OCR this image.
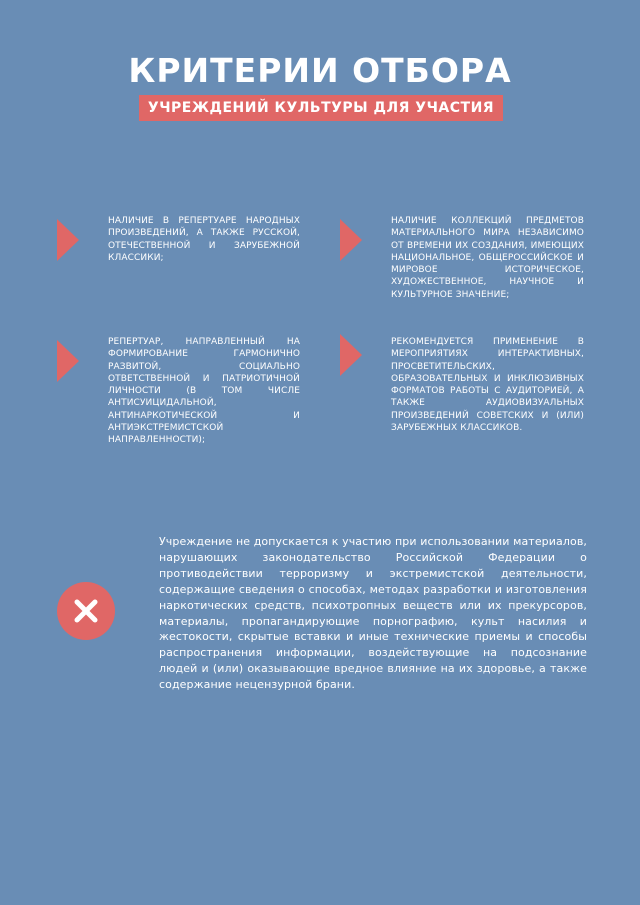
КРИТЕРИИ ОТБОРА
УЧРЕЖДЕНИЙ КУЛЬТУРЫ ДЛЯ УЧАСТИЯ
НАЛИЧИЕ В РЕПЕРТУАРЕ НАРОДНЫХ ПРОИЗВЕДЕНИЙ, А ТАКЖЕ РУССКОЙ, ОТЕЧЕСТВЕННОЙ И ЗАРУБЕЖНОЙ КЛАССИКИ;
НАЛИЧИЕ КОЛЛЕКЦИЙ ПРЕДМЕТОВ МАТЕРИАЛЬНОГО МИРА НЕЗАВИСИМО ОТ ВРЕМЕНИ ИХ СОЗДАНИЯ, ИМЕЮЩИХ НАЦИОНАЛЬНОЕ, ОБЩЕРОССИЙСКОЕ И МИРОВОЕ ИСТОРИЧЕСКОЕ, ХУДОЖЕСТВЕННОЕ, НАУЧНОЕ И КУЛЬТУРНОЕ ЗНАЧЕНИЕ;
РЕПЕРТУАР, НАПРАВЛЕННЫЙ НА ФОРМИРОВАНИЕ ГАРМОНИЧНО РАЗВИТОЙ, СОЦИАЛЬНО ОТВЕТСТВЕННОЙ И ПАТРИОТИЧНОЙ ЛИЧНОСТИ (В ТОМ ЧИСЛЕ АНТИСУИЦИДАЛЬНОЙ, АНТИНАРКОТИЧЕСКОЙ И АНТИЭКСТРЕМИСТСКОЙ НАПРАВЛЕННОСТИ);
РЕКОМЕНДУЕТСЯ ПРИМЕНЕНИЕ В МЕРОПРИЯТИЯХ ИНТЕРАКТИВНЫХ, ПРОСВЕТИТЕЛЬСКИХ, ОБРАЗОВАТЕЛЬНЫХ И ИНКЛЮЗИВНЫХ ФОРМАТОВ РАБОТЫ С АУДИТОРИЕЙ, А ТАКЖЕ АУДИОВИЗУАЛЬНЫХ ПРОИЗВЕДЕНИЙ СОВЕТСКИХ И (ИЛИ) ЗАРУБЕЖНЫХ КЛАССИКОВ.
Учреждение не допускается к участию при использовании материалов, нарушающих законодательство Российской Федерации о противодействии терроризму и экстремистской деятельности, содержащие сведения о способах, методах разработки и изготовления наркотических средств, психотропных веществ или их прекурсоров, материалы, пропагандирующие порнографию, культ насилия и жестокости, скрытые вставки и иные технические приемы и способы распространения информации, воздействующие на подсознание людей и (или) оказывающие вредное влияние на их здоровье, а также содержание нецензурной брани.
